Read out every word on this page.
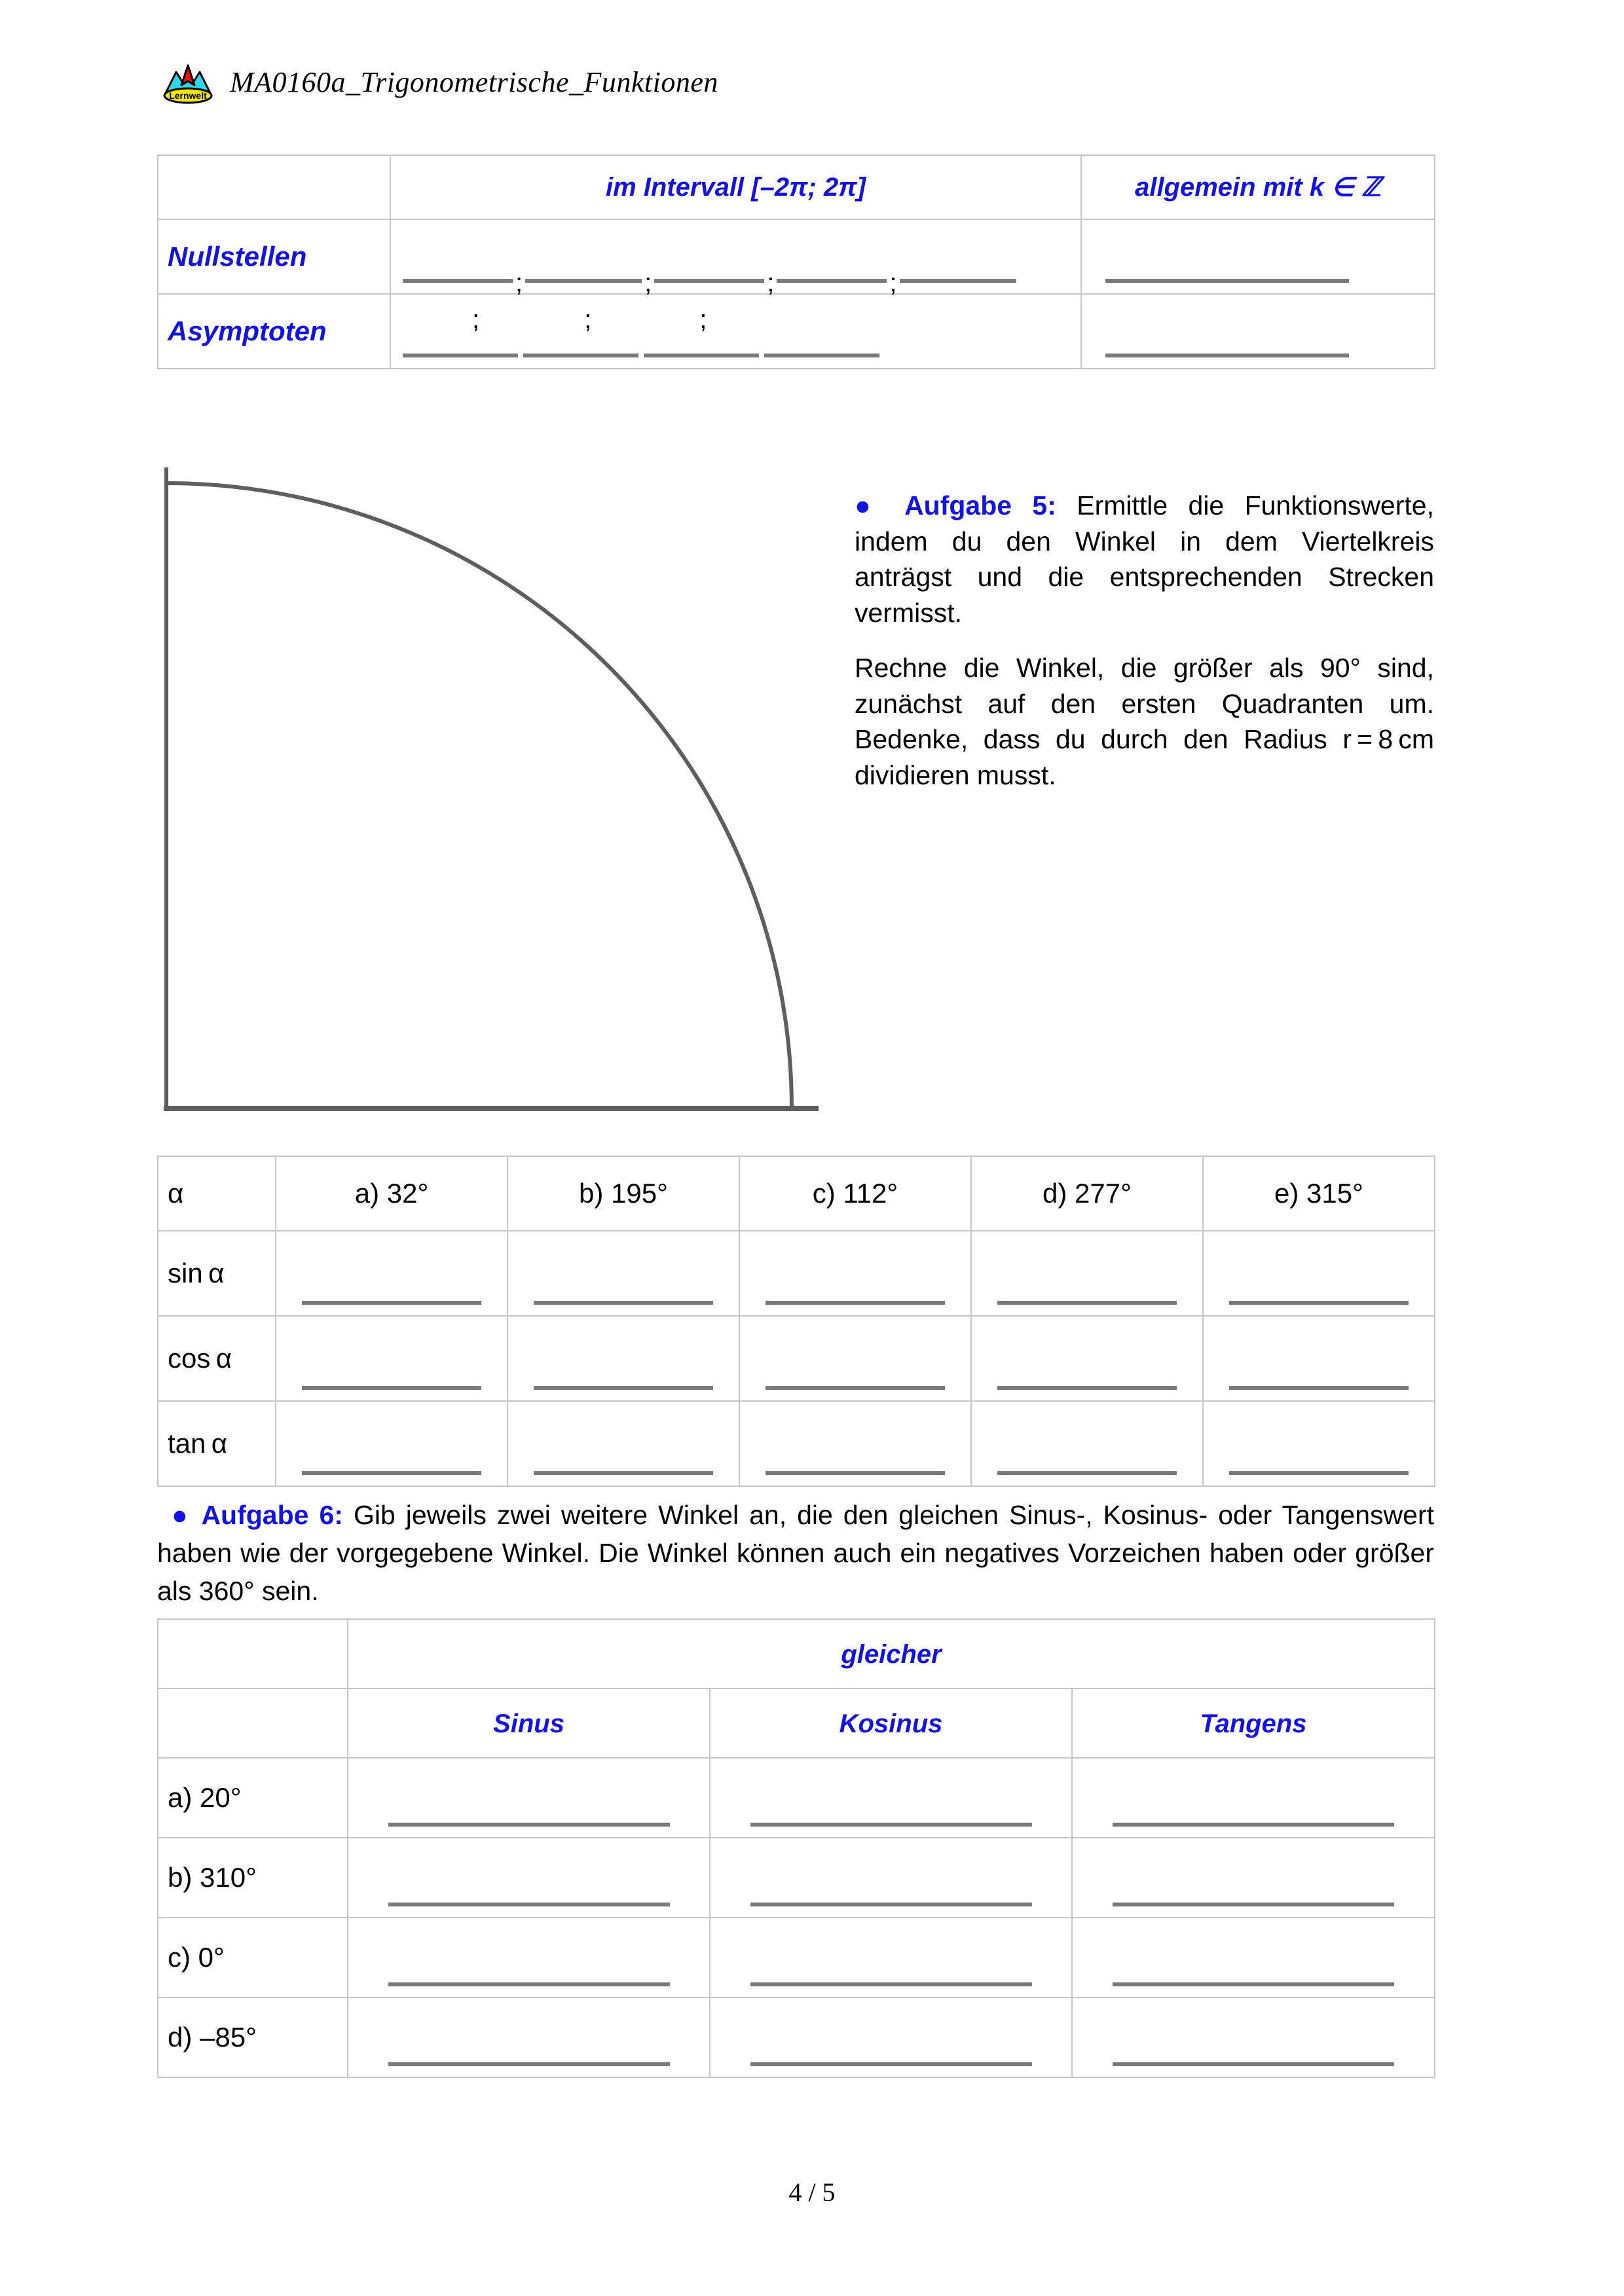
Lernwelt MA0160a_Trigonometrische_Funktionen
	im Intervall [–2π; 2π]	allgemein mit k ∈ ℤ
Nullstellen	; ; ; ;	

Asymptoten	; ; ;	

● Aufgabe 5: Ermittle die Funktionswerte, indem du den Winkel in dem Viertelkreis anträgst und die entsprechenden Strecken vermisst.

Rechne die Winkel, die größer als 90° sind, zunächst auf den ersten Quadranten um. Bedenke, dass du durch den Radius r = 8 cm dividieren musst.

α	a) 32°	b) 195°	c) 112°	d) 277°	e) 315°
sin α					
cos α					
tan α					

● Aufgabe 6: Gib jeweils zwei weitere Winkel an, die den gleichen Sinus-, Kosinus- oder Tangenswert haben wie der vorgegebene Winkel. Die Winkel können auch ein negatives Vorzeichen haben oder größer als 360° sein.

	gleicher		
	Sinus	Kosinus	Tangens
a) 20°			
b) 310°			
c) 0°			
d) –85°			
4 / 5
